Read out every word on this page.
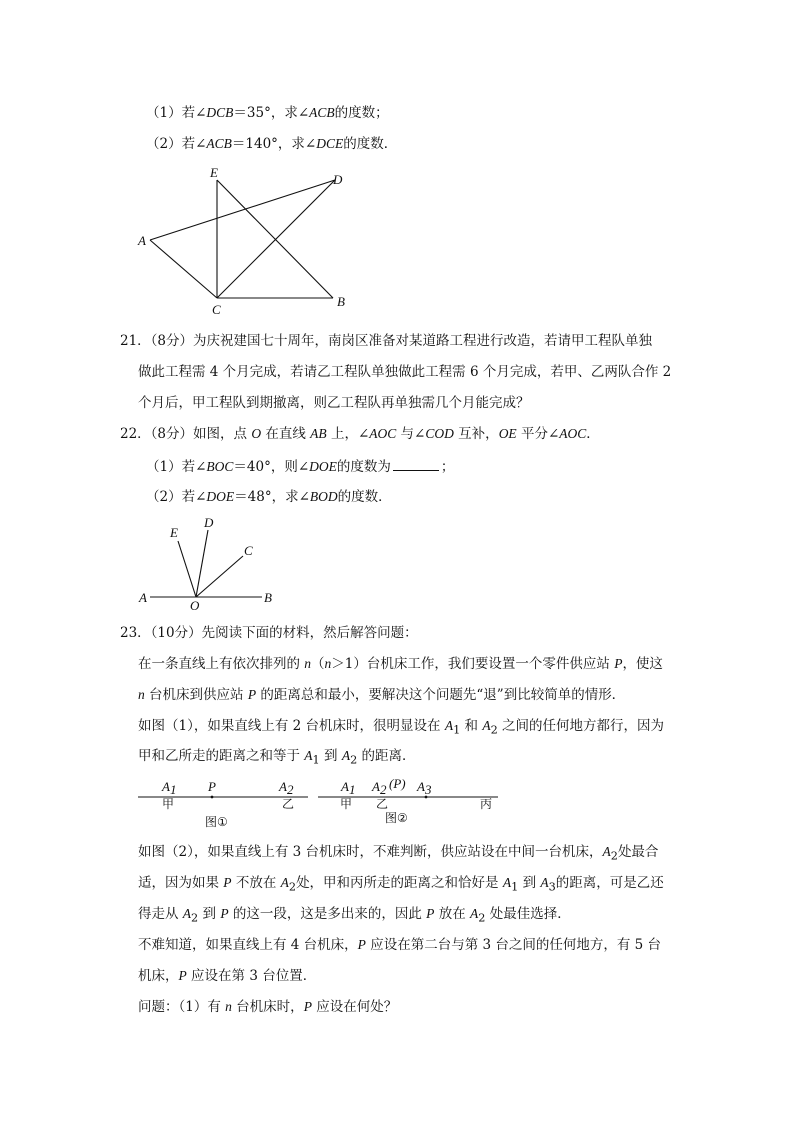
（1）若∠DCB＝35°，求∠ACB的度数；
（2）若∠ACB＝140°，求∠DCE的度数．
E	D
A
C
B
21．（8分）为庆祝建国七十周年，南岗区准备对某道路工程进行改造，若请甲工程队单独
做此工程需 4 个月完成，若请乙工程队单独做此工程需 6 个月完成，若甲、乙两队合作 2
个月后，甲工程队到期撤离，则乙工程队再单独需几个月能完成？
22．（8分）如图，点 O 在直线 AB 上，∠AOC 与∠COD 互补，OE 平分∠AOC．
（1）若∠BOC＝40°，则∠DOE的度数为	；
（2）若∠DOE＝48°，求∠BOD的度数．
E
D
C
A
O
B
23．（10分）先阅读下面的材料，然后解答问题：
在一条直线上有依次排列的 n（n＞1）台机床工作，我们要设置一个零件供应站 P，使这
n 台机床到供应站 P 的距离总和最小，要解决这个问题先“退”到比较简单的情形．
如图（1），如果直线上有 2 台机床时，很明显设在 $A_1$ 和 $A_2$ 之间的任何地方都行，因为
甲和乙所走的距离之和等于 $A_1$ 到 $A_2$ 的距离．
A1 P	A2
甲	乙
图①
A1 A2 (P) A3
甲 乙	丙
图②
如图（2），如果直线上有 3 台机床时，不难判断，供应站设在中间一台机床，$A_2$处最合
适，因为如果 P 不放在 $A_2$处，甲和丙所走的距离之和恰好是 $A_1$ 到 $A_3$的距离，可是乙还
得走从 $A_2$ 到 P 的这一段，这是多出来的，因此 P 放在 $A_2$ 处最佳选择．
不难知道，如果直线上有 4 台机床，P 应设在第二台与第 3 台之间的任何地方，有 5 台
机床，P 应设在第 3 台位置．
问题：（1）有 n 台机床时，P 应设在何处？
